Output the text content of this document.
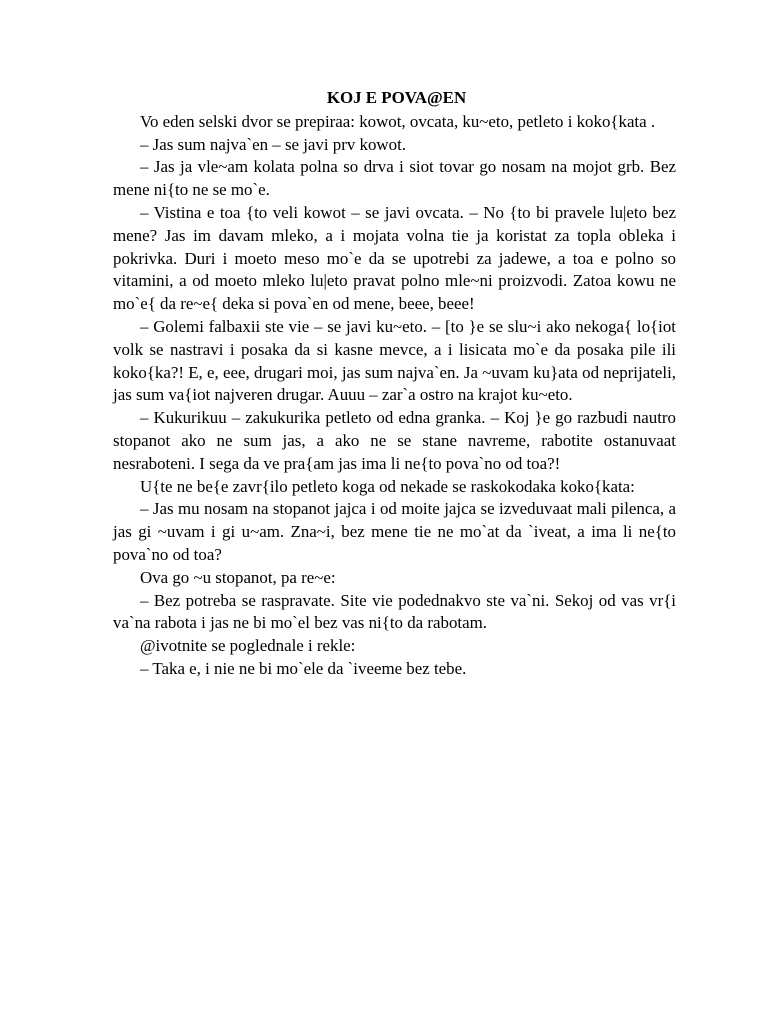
KOJ E POVA@EN

Vo eden selski dvor se prepiraa: kowot, ovcata, ku~eto, petleto i koko{kata .

– Jas sum najva`en – se javi prv kowot.

– Jas ja vle~am kolata polna so drva i siot tovar go nosam na mojot grb. Bez mene ni{to ne se mo`e.

– Vistina e toa {to veli kowot – se javi ovcata. – No {to bi pravele lu|eto bez mene? Jas im davam mleko, a i mojata volna tie ja koristat za topla obleka i pokrivka. Duri i moeto meso mo`e da se upotrebi za jadewe, a toa e polno so vitamini, a od moeto mleko lu|eto pravat polno mle~ni proizvodi. Zatoa kowu ne mo`e{ da re~e{ deka si pova`en od mene, beee, beee!

– Golemi falbaxii ste vie – se javi ku~eto. – [to }e se slu~i ako nekoga{ lo{iot volk se nastravi i posaka da si kasne mevce, a i lisicata mo`e da posaka pile ili koko{ka?! E, e, eee, drugari moi, jas sum najva`en. Ja ~uvam ku}ata od neprijateli, jas sum va{iot najveren drugar. Auuu – zar`a ostro na krajot ku~eto.

– Kukurikuu – zakukurika petleto od edna granka. – Koj }e go razbudi nautro stopanot ako ne sum jas, a ako ne se stane navreme, rabotite ostanuvaat nesraboteni. I sega da ve pra{am jas ima li ne{to pova`no od toa?!

U{te ne be{e zavr{ilo petleto koga od nekade se raskokodaka koko{kata:

– Jas mu nosam na stopanot jajca i od moite jajca se izveduvaat mali pilenca, a jas gi ~uvam i gi u~am. Zna~i, bez mene tie ne mo`at da `iveat, a ima li ne{to pova`no od toa?

Ova go ~u stopanot, pa re~e:

– Bez potreba se raspravate. Site vie podednakvo ste va`ni. Sekoj od vas vr{i va`na rabota i jas ne bi mo`el bez vas ni{to da rabotam.

@ivotnite se poglednale i rekle:

– Taka e, i nie ne bi mo`ele da `iveeme bez tebe.
